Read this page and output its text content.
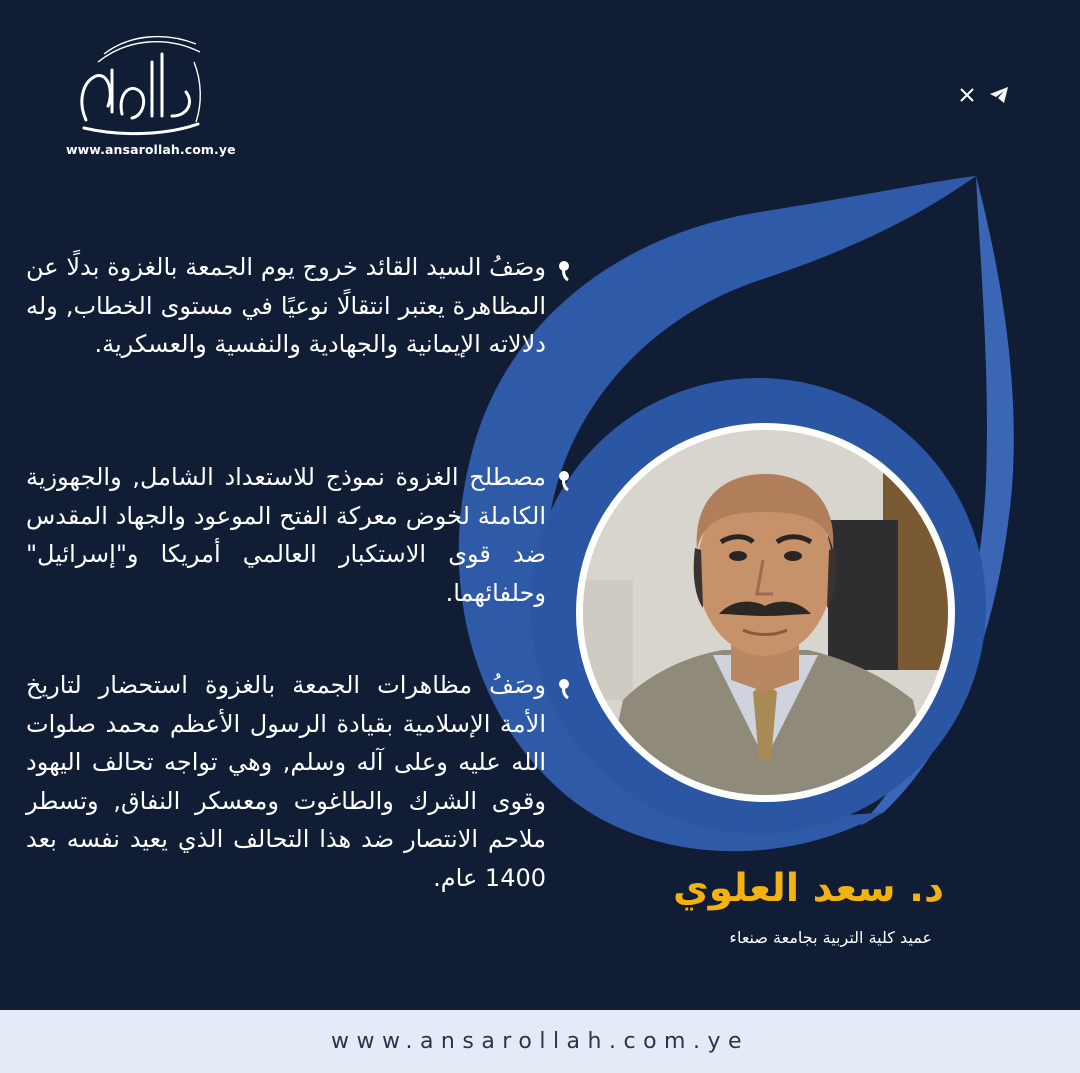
www.ansarollah.com.ye

وصَفُ السيد القائد خروج يوم الجمعة بالغزوة بدلًا عن المظاهرة يعتبر انتقالًا نوعيًا في مستوى الخطاب, وله دلالاته الإيمانية والجهادية والنفسية والعسكرية.

مصطلح الغزوة نموذج للاستعداد الشامل, والجهوزية الكاملة لخوض معركة الفتح الموعود والجهاد المقدس ضد قوى الاستكبار العالمي أمريكا و"إسرائيل" وحلفائهما.

وصَفُ مظاهرات الجمعة بالغزوة استحضار لتاريخ الأمة الإسلامية بقيادة الرسول الأعظم محمد صلوات الله عليه وعلى آله وسلم, وهي تواجه تحالف اليهود وقوى الشرك والطاغوت ومعسكر النفاق, وتسطر ملاحم الانتصار ضد هذا التحالف الذي يعيد نفسه بعد 1400 عام.	د. سعد العلوي
عميد كلية التربية بجامعة صنعاء
www.ansarollah.com.ye
